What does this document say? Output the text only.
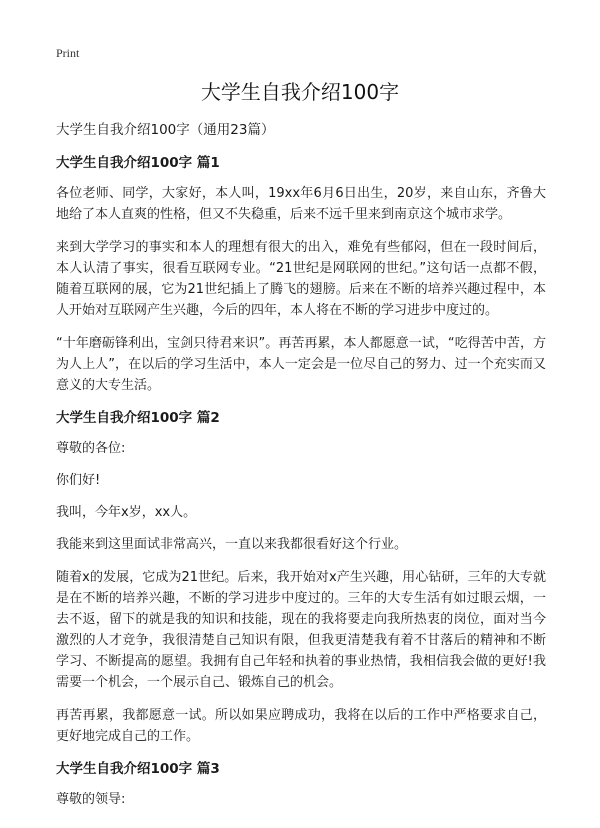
Print
大学生自我介绍100字

大学生自我介绍100字（通用23篇）

大学生自我介绍100字 篇1

各位老师、同学，大家好，本人叫，19xx年6月6日出生，20岁，来自山东，齐鲁大地给了本人直爽的性格，但又不失稳重，后来不远千里来到南京这个城市求学。

来到大学学习的事实和本人的理想有很大的出入，难免有些郁闷，但在一段时间后，本人认清了事实，很看互联网专业。“21世纪是网联网的世纪。”这句话一点都不假，随着互联网的展，它为21世纪插上了腾飞的翅膀。后来在不断的培养兴趣过程中，本人开始对互联网产生兴趣，今后的四年，本人将在不断的学习进步中度过的。

“十年磨砺锋利出，宝剑只待君来识”。再苦再累，本人都愿意一试，“吃得苦中苦，方为人上人”，在以后的学习生活中，本人一定会是一位尽自己的努力、过一个充实而又意义的大专生活。

大学生自我介绍100字 篇2

尊敬的各位:

你们好!

我叫，今年x岁，xx人。

我能来到这里面试非常高兴，一直以来我都很看好这个行业。

随着x的发展，它成为21世纪。后来，我开始对x产生兴趣，用心钻研，三年的大专就是在不断的培养兴趣，不断的学习进步中度过的。三年的大专生活有如过眼云烟，一去不返，留下的就是我的知识和技能，现在的我将要走向我所热衷的岗位，面对当今激烈的人才竞争，我很清楚自己知识有限，但我更清楚我有着不甘落后的精神和不断学习、不断提高的愿望。我拥有自己年轻和执着的事业热情，我相信我会做的更好!我需要一个机会，一个展示自己、锻炼自己的机会。

再苦再累，我都愿意一试。所以如果应聘成功，我将在以后的工作中严格要求自己，更好地完成自己的工作。

大学生自我介绍100字 篇3

尊敬的领导:
